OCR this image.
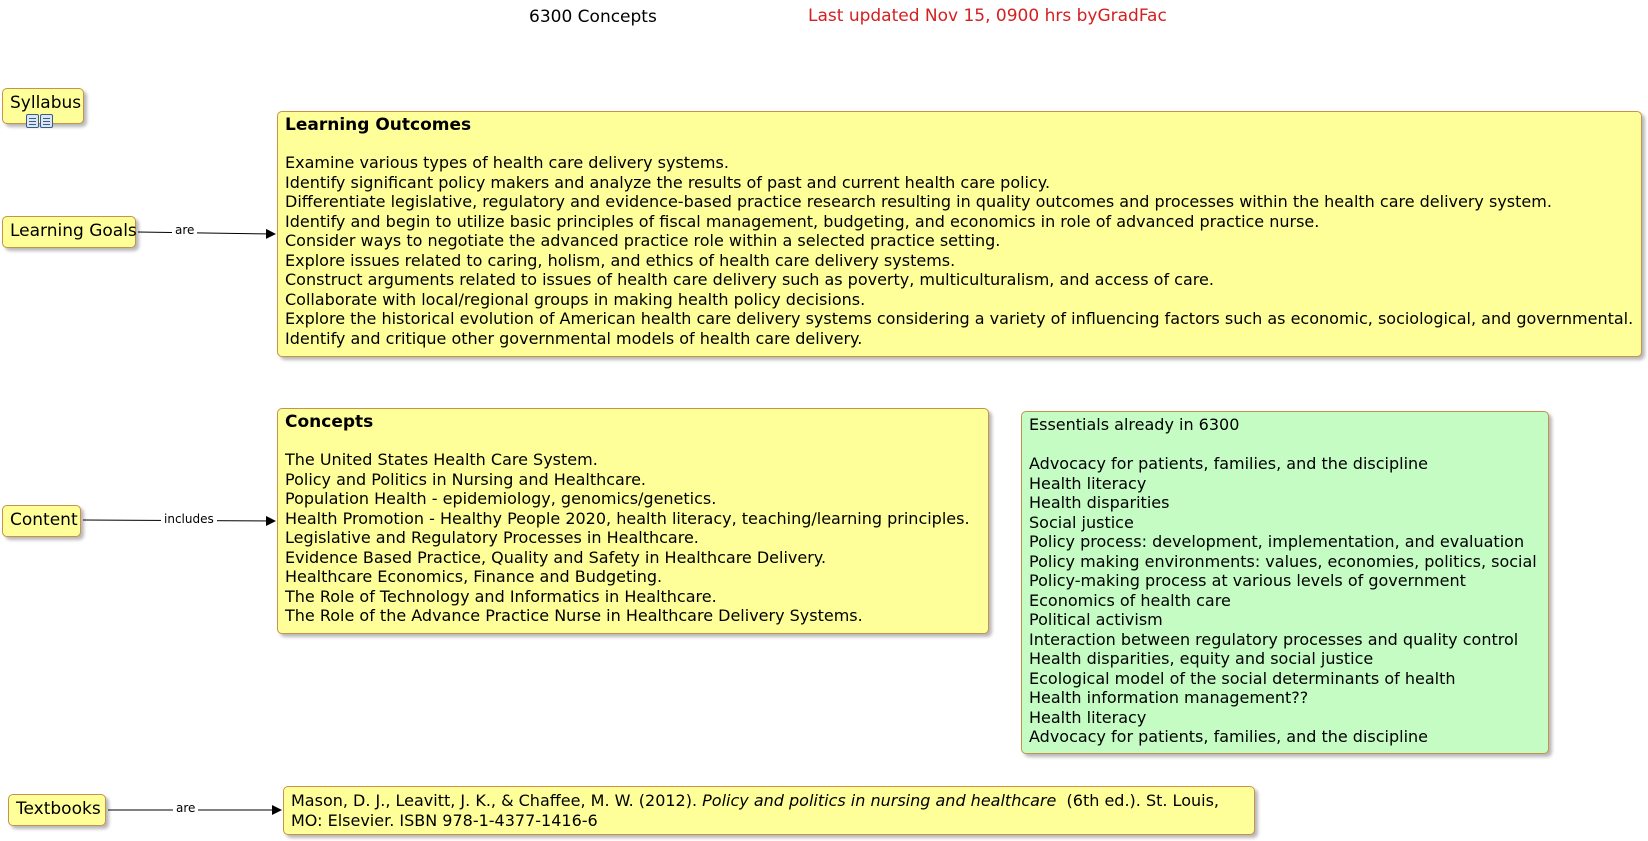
6300 Concepts	Last updated Nov 15, 0900 hrs byGradFac
are
includes
are
Syllabus
Learning Goals
Content
Textbooks
Learning Outcomes
Examine various types of health care delivery systems.
Identify significant policy makers and analyze the results of past and current health care policy.
Differentiate legislative, regulatory and evidence-based practice research resulting in quality outcomes and processes within the health care delivery system.
Identify and begin to utilize basic principles of fiscal management, budgeting, and economics in role of advanced practice nurse.
Consider ways to negotiate the advanced practice role within a selected practice setting.
Explore issues related to caring, holism, and ethics of health care delivery systems.
Construct arguments related to issues of health care delivery such as poverty, multiculturalism, and access of care.
Collaborate with local/regional groups in making health policy decisions.
Explore the historical evolution of American health care delivery systems considering a variety of influencing factors such as economic, sociological, and governmental.
Identify and critique other governmental models of health care delivery.
Concepts
The United States Health Care System.
Policy and Politics in Nursing and Healthcare.
Population Health - epidemiology, genomics/genetics.
Health Promotion - Healthy People 2020, health literacy, teaching/learning principles.
Legislative and Regulatory Processes in Healthcare.
Evidence Based Practice, Quality and Safety in Healthcare Delivery.
Healthcare Economics, Finance and Budgeting.
The Role of Technology and Informatics in Healthcare.
The Role of the Advance Practice Nurse in Healthcare Delivery Systems.
Essentials already in 6300
Advocacy for patients, families, and the discipline
Health literacy
Health disparities
Social justice
Policy process: development, implementation, and evaluation
Policy making environments: values, economies, politics, social
Policy-making process at various levels of government
Economics of health care
Political activism
Interaction between regulatory processes and quality control
Health disparities, equity and social justice
Ecological model of the social determinants of health
Health information management??
Health literacy
Advocacy for patients, families, and the discipline
Mason, D. J., Leavitt, J. K., & Chaffee, M. W. (2012). Policy and politics in nursing and healthcare (6th ed.). St. Louis, MO: Elsevier. ISBN 978-1-4377-1416-6
